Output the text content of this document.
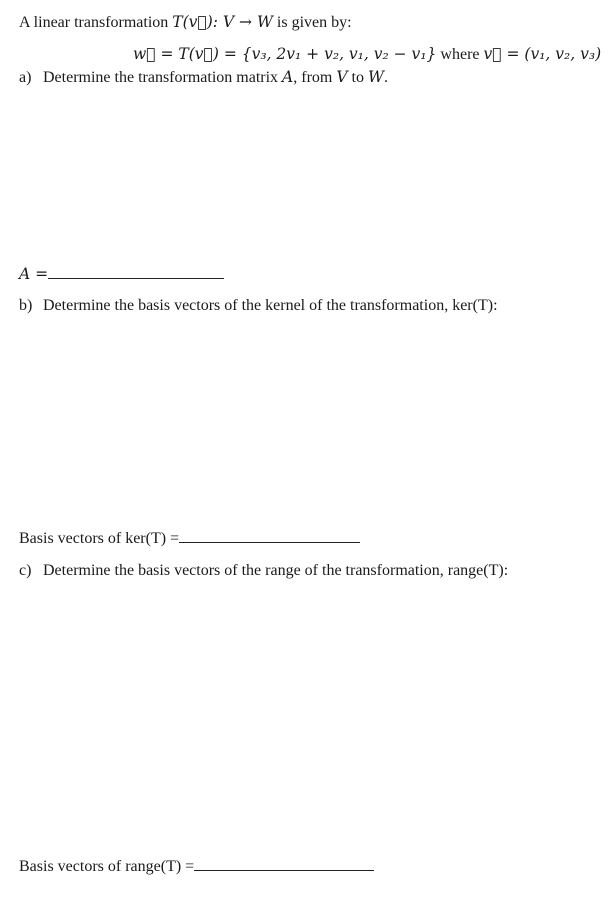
A linear transformation T(v⃗): V → W is given by:
w⃗ = T(v⃗) = {v₃, 2v₁ + v₂, v₁, v₂ − v₁} where v⃗ = (v₁, v₂, v₃)
a) Determine the transformation matrix A, from V to W.
A =
b) Determine the basis vectors of the kernel of the transformation, ker(T):
Basis vectors of ker(T) =
c) Determine the basis vectors of the range of the transformation, range(T):
Basis vectors of range(T) =
